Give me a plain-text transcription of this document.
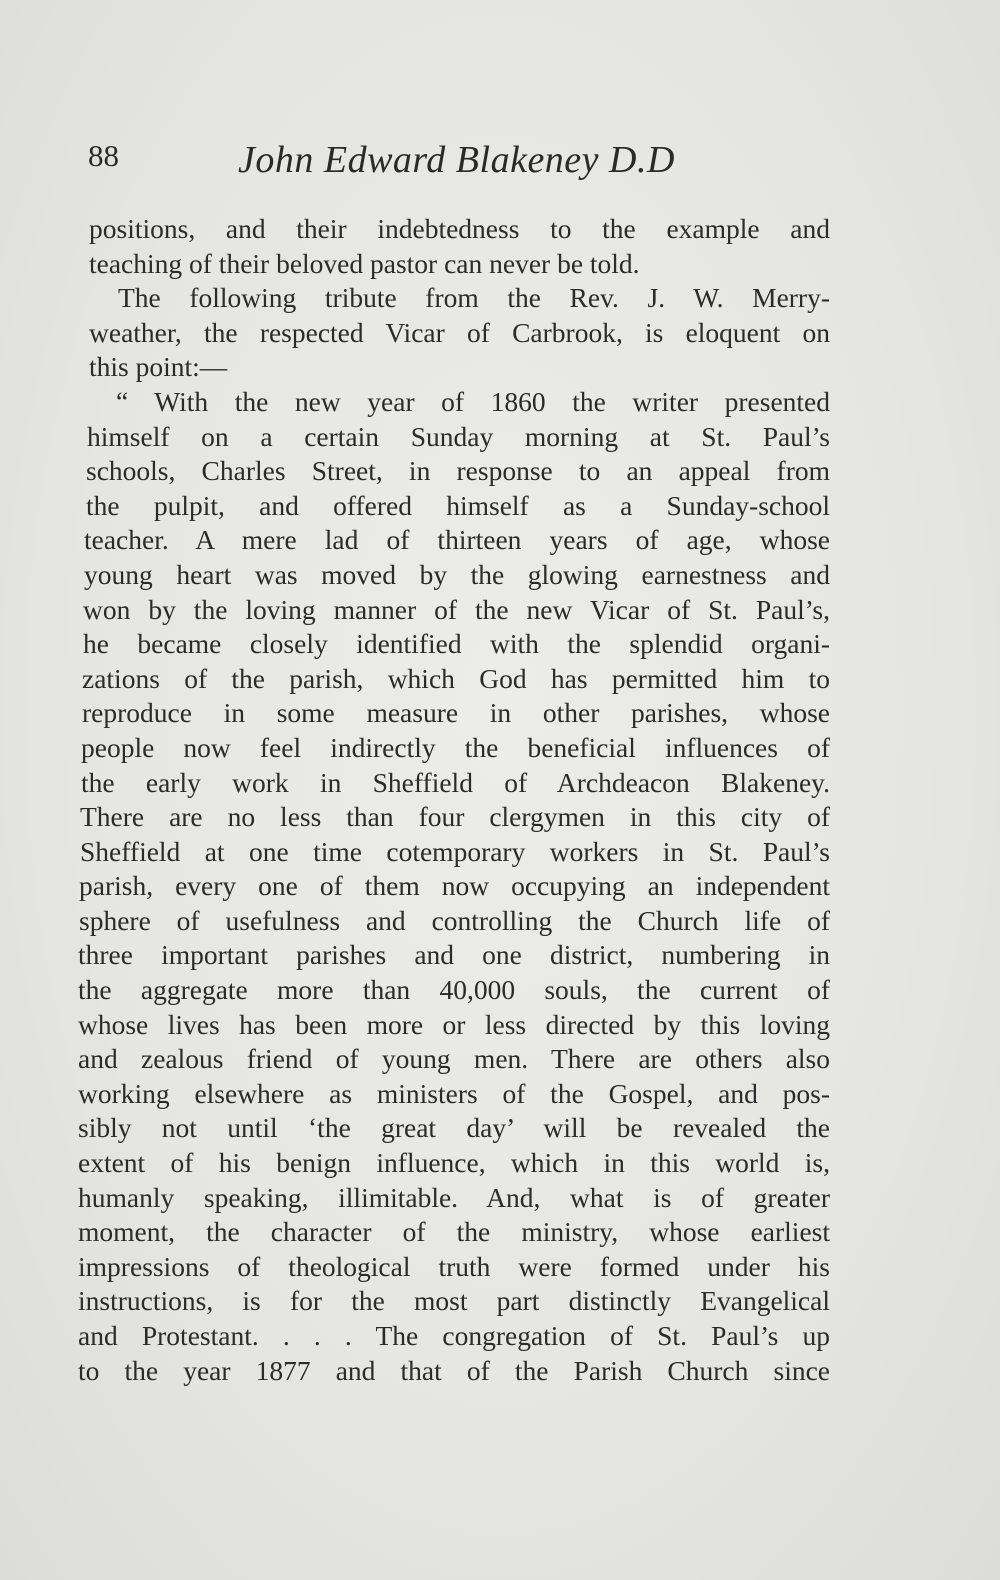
88	John Edward Blakeney D.D
positions, and their indebtedness to the example and
teaching of their beloved pastor can never be told.
The following tribute from the Rev. J. W. Merry-
weather, the respected Vicar of Carbrook, is eloquent on
this point:—
“ With the new year of 1860 the writer presented
himself on a certain Sunday morning at St. Paul’s
schools, Charles Street, in response to an appeal from
the pulpit, and offered himself as a Sunday-school
teacher. A mere lad of thirteen years of age, whose
young heart was moved by the glowing earnestness and
won by the loving manner of the new Vicar of St. Paul’s,
he became closely identified with the splendid organi-
zations of the parish, which God has permitted him to
reproduce in some measure in other parishes, whose
people now feel indirectly the beneficial influences of
the early work in Sheffield of Archdeacon Blakeney.
There are no less than four clergymen in this city of
Sheffield at one time cotemporary workers in St. Paul’s
parish, every one of them now occupying an independent
sphere of usefulness and controlling the Church life of
three important parishes and one district, numbering in
the aggregate more than 40,000 souls, the current of
whose lives has been more or less directed by this loving
and zealous friend of young men. There are others also
working elsewhere as ministers of the Gospel, and pos-
sibly not until ‘the great day’ will be revealed the
extent of his benign influence, which in this world is,
humanly speaking, illimitable. And, what is of greater
moment, the character of the ministry, whose earliest
impressions of theological truth were formed under his
instructions, is for the most part distinctly Evangelical
and Protestant. . . . The congregation of St. Paul’s up
to the year 1877 and that of the Parish Church since
